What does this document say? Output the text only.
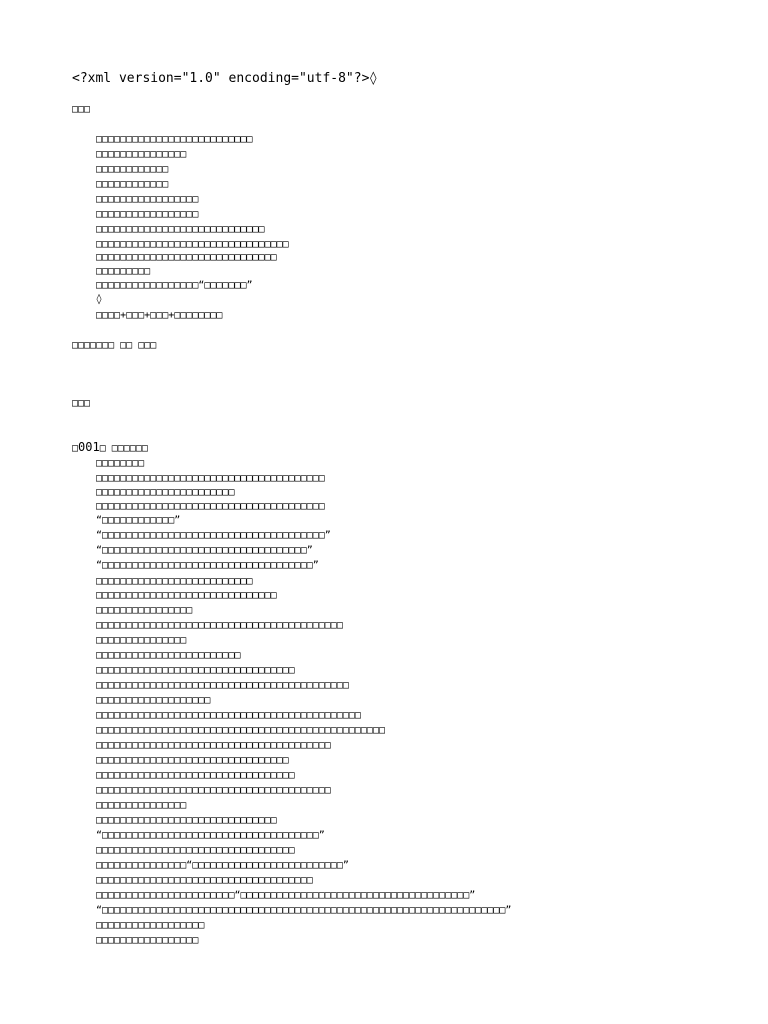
<?xml version="1.0" encoding="utf-8"?>◊
□□□
□□□□□□□□□□□□□□□□□□□□□□□□□□
□□□□□□□□□□□□□□□
□□□□□□□□□□□□
□□□□□□□□□□□□
□□□□□□□□□□□□□□□□□
□□□□□□□□□□□□□□□□□
□□□□□□□□□□□□□□□□□□□□□□□□□□□□
□□□□□□□□□□□□□□□□□□□□□□□□□□□□□□□□
□□□□□□□□□□□□□□□□□□□□□□□□□□□□□□
□□□□□□□□□
□□□□□□□□□□□□□□□□□“□□□□□□□”
◊
□□□□+□□□+□□□+□□□□□□□□
□□□□□□□ □□ □□□
□□□
□001□ □□□□□□
□□□□□□□□
□□□□□□□□□□□□□□□□□□□□□□□□□□□□□□□□□□□□□□
□□□□□□□□□□□□□□□□□□□□□□□
□□□□□□□□□□□□□□□□□□□□□□□□□□□□□□□□□□□□□□
“□□□□□□□□□□□□”
“□□□□□□□□□□□□□□□□□□□□□□□□□□□□□□□□□□□□□”
“□□□□□□□□□□□□□□□□□□□□□□□□□□□□□□□□□□”
“□□□□□□□□□□□□□□□□□□□□□□□□□□□□□□□□□□□”
□□□□□□□□□□□□□□□□□□□□□□□□□□
□□□□□□□□□□□□□□□□□□□□□□□□□□□□□□
□□□□□□□□□□□□□□□□
□□□□□□□□□□□□□□□□□□□□□□□□□□□□□□□□□□□□□□□□□
□□□□□□□□□□□□□□□
□□□□□□□□□□□□□□□□□□□□□□□□
□□□□□□□□□□□□□□□□□□□□□□□□□□□□□□□□□
□□□□□□□□□□□□□□□□□□□□□□□□□□□□□□□□□□□□□□□□□□
□□□□□□□□□□□□□□□□□□□
□□□□□□□□□□□□□□□□□□□□□□□□□□□□□□□□□□□□□□□□□□□□
□□□□□□□□□□□□□□□□□□□□□□□□□□□□□□□□□□□□□□□□□□□□□□□□
□□□□□□□□□□□□□□□□□□□□□□□□□□□□□□□□□□□□□□□
□□□□□□□□□□□□□□□□□□□□□□□□□□□□□□□□
□□□□□□□□□□□□□□□□□□□□□□□□□□□□□□□□□
□□□□□□□□□□□□□□□□□□□□□□□□□□□□□□□□□□□□□□□
□□□□□□□□□□□□□□□
□□□□□□□□□□□□□□□□□□□□□□□□□□□□□□
“□□□□□□□□□□□□□□□□□□□□□□□□□□□□□□□□□□□□”
□□□□□□□□□□□□□□□□□□□□□□□□□□□□□□□□□
□□□□□□□□□□□□□□□“□□□□□□□□□□□□□□□□□□□□□□□□□”
□□□□□□□□□□□□□□□□□□□□□□□□□□□□□□□□□□□□
□□□□□□□□□□□□□□□□□□□□□□□“□□□□□□□□□□□□□□□□□□□□□□□□□□□□□□□□□□□□□□”
“□□□□□□□□□□□□□□□□□□□□□□□□□□□□□□□□□□□□□□□□□□□□□□□□□□□□□□□□□□□□□□□□□□□”
□□□□□□□□□□□□□□□□□□
□□□□□□□□□□□□□□□□□
